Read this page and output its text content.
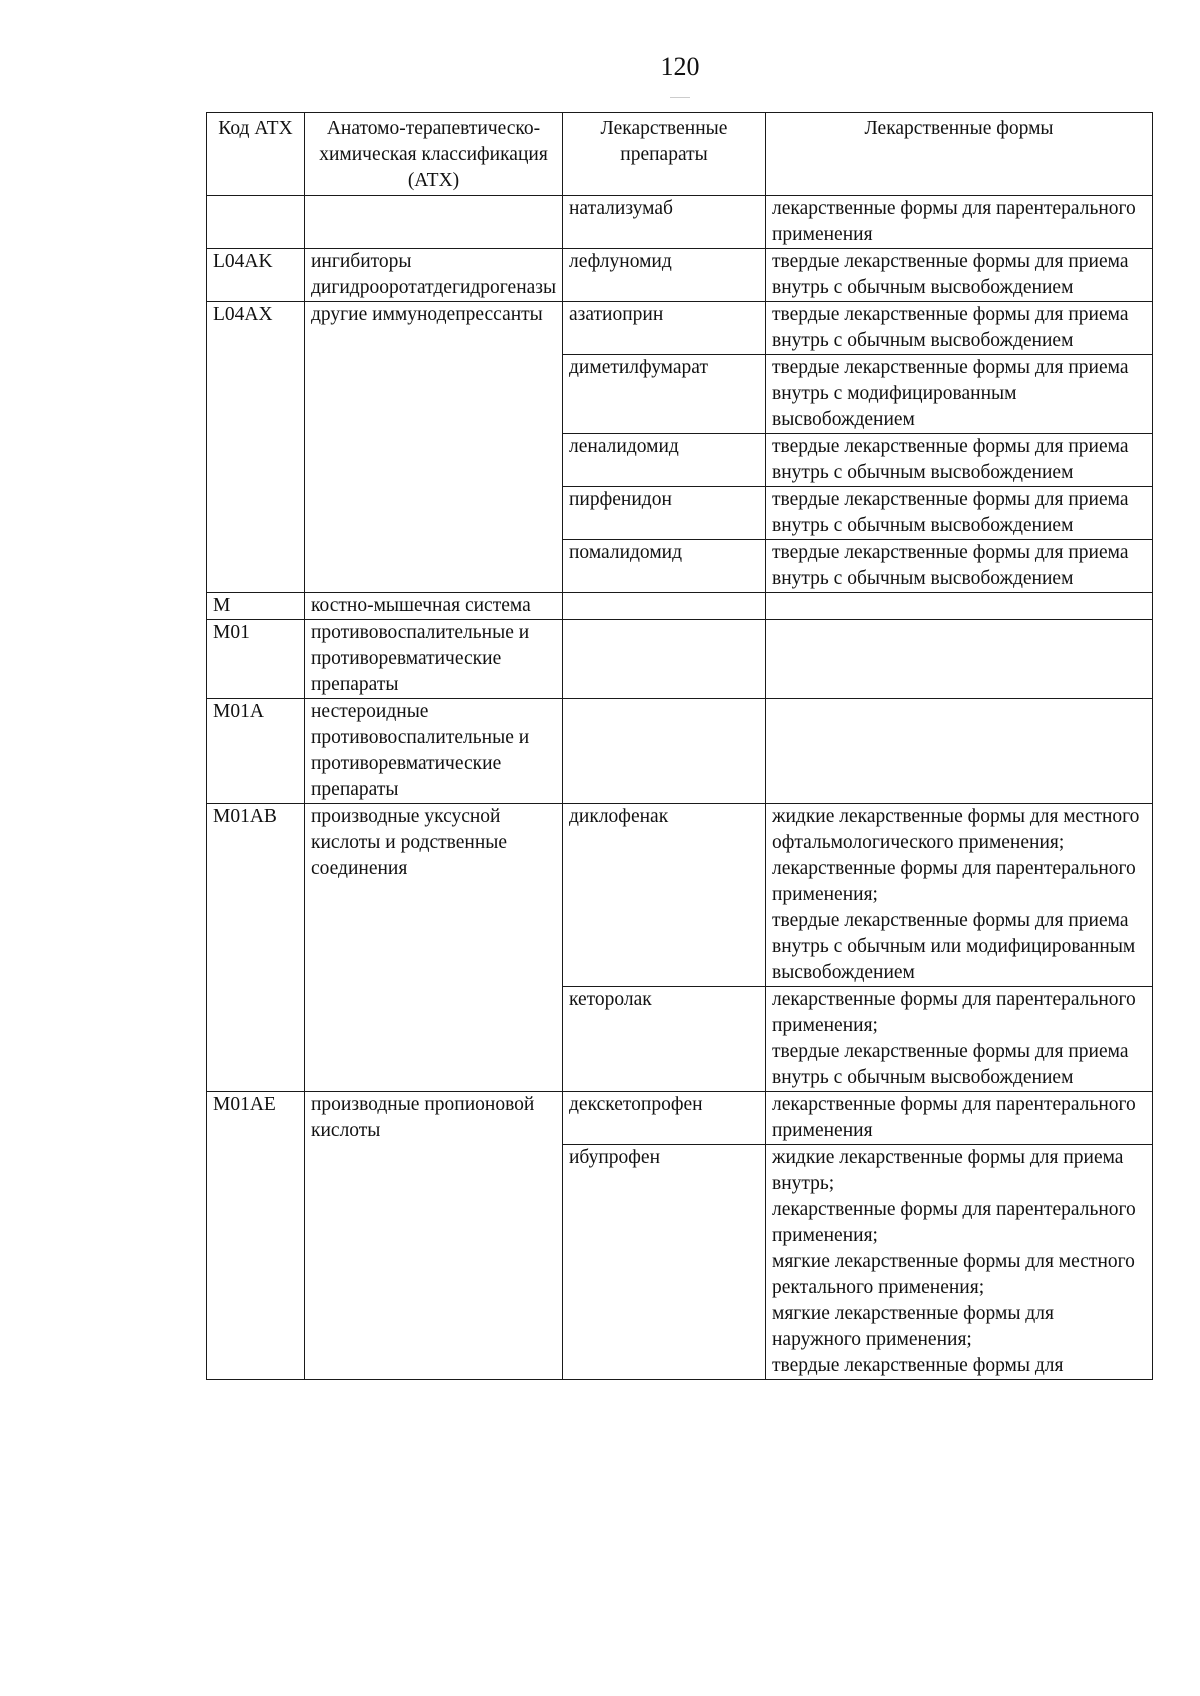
120
Код АТХ	Анатомо-терапевтическо-химическая классификация (АТХ)	Лекарственные препараты	Лекарственные формы
		натализумаб	лекарственные формы для парентерального применения

L04AK	ингибиторы дигидрооротатдегидрогеназы	лефлуномид	твердые лекарственные формы для приема внутрь с обычным высвобождением

L04AX	другие иммунодепрессанты	азатиоприн	твердые лекарственные формы для приема внутрь с обычным высвобождением

		диметилфумарат	твердые лекарственные формы для приема внутрь с модифицированным высвобождением

		леналидомид	твердые лекарственные формы для приема внутрь с обычным высвобождением

		пирфенидон	твердые лекарственные формы для приема внутрь с обычным высвобождением

		помалидомид	твердые лекарственные формы для приема внутрь с обычным высвобождением

M	костно-мышечная система		
M01	противовоспалительные и противоревматические препараты		
M01A	нестероидные противовоспалительные и противоревматические препараты		
M01AB	производные уксусной кислоты и родственные соединения	диклофенак	жидкие лекарственные формы для местного офтальмологического применения;
лекарственные формы для парентерального применения;
твердые лекарственные формы для приема внутрь с обычным или модифицированным высвобождением

		кеторолак	лекарственные формы для парентерального применения;
твердые лекарственные формы для приема внутрь с обычным высвобождением

M01AE	производные пропионовой кислоты	декскетопрофен	лекарственные формы для парентерального применения

		ибупрофен	жидкие лекарственные формы для приема внутрь;
лекарственные формы для парентерального применения;
мягкие лекарственные формы для местного ректального применения;
мягкие лекарственные формы для наружного применения;
твердые лекарственные формы для
